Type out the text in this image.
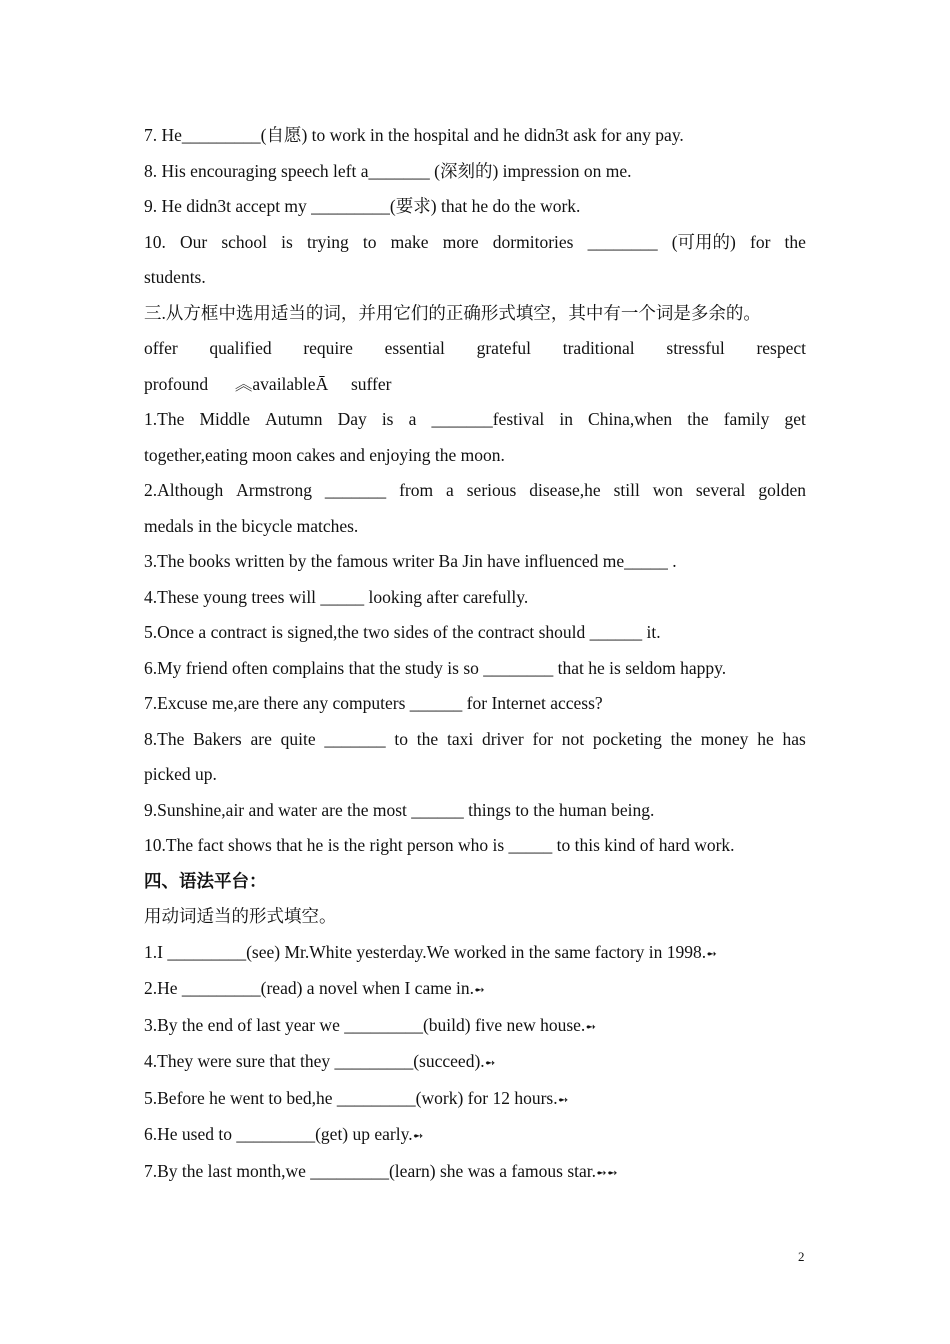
7. He_________(自愿) to work in the hospital and he didn3t ask for any pay.
8. His encouraging speech left a_______ (深刻的) impression on me.
9. He didn3t accept my _________(要求) that he do the work.
10. Our school is trying to make more dormitories ________ (可用的) for the
students.
三.从方框中选用适当的词，并用它们的正确形式填空，其中有一个词是多余的。
offer qualified require essential grateful traditional stressful respect
profound ︽availableĀ suffer
1.The Middle Autumn Day is a _______festival in China,when the family get
together,eating moon cakes and enjoying the moon.
2.Although Armstrong _______ from a serious disease,he still won several golden
medals in the bicycle matches.
3.The books written by the famous writer Ba Jin have influenced me_____ .
4.These young trees will _____ looking after carefully.
5.Once a contract is signed,the two sides of the contract should ______ it.
6.My friend often complains that the study is so ________ that he is seldom happy.
7.Excuse me,are there any computers ______ for Internet access?
8.The Bakers are quite _______ to the taxi driver for not pocketing the money he has
picked up.
9.Sunshine,air and water are the most ______ things to the human being.
10.The fact shows that he is the right person who is _____ to this kind of hard work.
四、语法平台：
用动词适当的形式填空。
1.I _________(see) Mr.White yesterday.We worked in the same factory in 1998.➻
2.He _________(read) a novel when I came in.➻
3.By the end of last year we _________(build) five new house.➻
4.They were sure that they _________(succeed).➻
5.Before he went to bed,he _________(work) for 12 hours.➻
6.He used to _________(get) up early.➻
7.By the last month,we _________(learn) she was a famous star.➻➻
2
